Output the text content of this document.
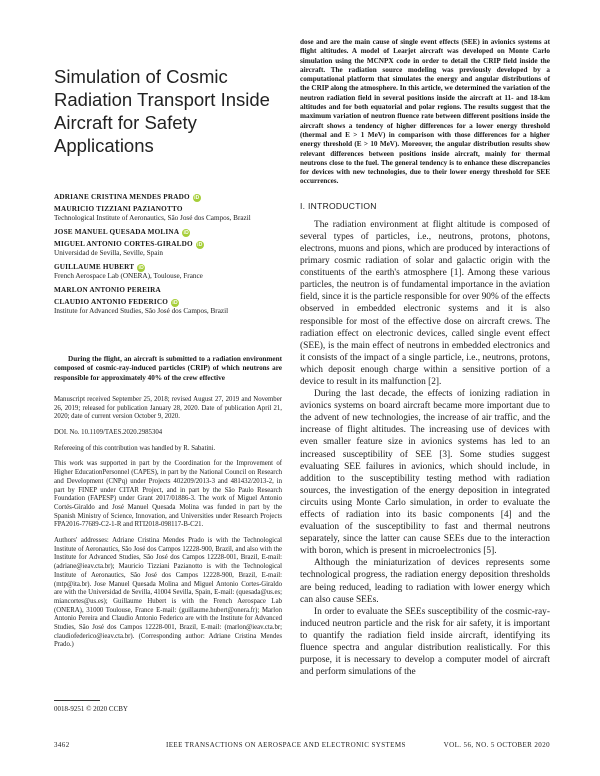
Simulation of Cosmic Radiation Transport Inside Aircraft for Safety Applications
ADRIANE CRISTINA MENDES PRADO iD
MAURICIO TIZZIANI PAZIANOTTO
Technological Institute of Aeronautics, São José dos Campos, Brazil
JOSE MANUEL QUESADA MOLINA iD
MIGUEL ANTONIO CORTES-GIRALDO iD
Universidad de Sevilla, Seville, Spain
GUILLAUME HUBERT iD
French Aerospace Lab (ONERA), Toulouse, France
MARLON ANTONIO PEREIRA
CLAUDIO ANTONIO FEDERICO iD
Institute for Advanced Studies, São José dos Campos, Brazil

During the flight, an aircraft is submitted to a radiation environment composed of cosmic-ray-induced particles (CRIP) of which neutrons are responsible for approximately 40% of the crew effective

Manuscript received September 25, 2018; revised August 27, 2019 and November 26, 2019; released for publication January 28, 2020. Date of publication April 21, 2020; date of current version October 9, 2020.

DOI. No. 10.1109/TAES.2020.2985304

Refereeing of this contribution was handled by R. Sabatini.

This work was supported in part by the Coordination for the Improvement of Higher EducationPersonnel (CAPES), in part by the National Council on Research and Development (CNPq) under Projects 402209/2013-3 and 481432/2013-2, in part by FINEP under CITAR Project, and in part by the São Paulo Research Foundation (FAPESP) under Grant 2017/01886-3. The work of Miguel Antonio Cortés-Giraldo and José Manuel Quesada Molina was funded in part by the Spanish Ministry of Science, Innovation, and Universities under Research Projects FPA2016-77689-C2-1-R and RTI2018-098117-B-C21.

Authors' addresses: Adriane Cristina Mendes Prado is with the Technological Institute of Aeronautics, São José dos Campos 12228-900, Brazil, and also with the Institute for Advanced Studies, São José dos Campos 12228-001, Brazil, E-mail: (adriane@ieav.cta.br); Mauricio Tizziani Pazianotto is with the Technological Institute of Aeronautics, São José dos Campos 12228-900, Brazil, E-mail: (mtp@ita.br). Jose Manuel Quesada Molina and Miguel Antonio Cortes-Giraldo are with the Universidad de Sevilla, 41004 Sevilla, Spain, E-mail: (quesada@us.es; miancortes@us.es); Guillaume Hubert is with the French Aerospace Lab (ONERA), 31000 Toulouse, France E-mail: (guillaume.hubert@onera.fr); Marlon Antonio Pereira and Claudio Antonio Federico are with the Institute for Advanced Studies, São José dos Campos 12228-001, Brazil, E-mail: (marlon@ieav.cta.br; claudiofederico@ieav.cta.br). (Corresponding author: Adriane Cristina Mendes Prado.)

0018-9251 © 2020 CCBY

dose and are the main cause of single event effects (SEE) in avionics systems at flight altitudes. A model of Learjet aircraft was developed on Monte Carlo simulation using the MCNPX code in order to detail the CRIP field inside the aircraft. The radiation source modeling was previously developed by a computational platform that simulates the energy and angular distributions of the CRIP along the atmosphere. In this article, we determined the variation of the neutron radiation field in several positions inside the aircraft at 11- and 18-km altitudes and for both equatorial and polar regions. The results suggest that the maximum variation of neutron fluence rate between different positions inside the aircraft shows a tendency of higher differences for a lower energy threshold (thermal and E > 1 MeV) in comparison with those differences for a higher energy threshold (E > 10 MeV). Moreover, the angular distribution results show relevant differences between positions inside aircraft, mainly for thermal neutrons close to the fuel. The general tendency is to enhance these discrepancies for devices with new technologies, due to their lower energy threshold for SEE occurrences.

I. INTRODUCTION

The radiation environment at flight altitude is composed of several types of particles, i.e., neutrons, protons, photons, electrons, muons and pions, which are produced by interactions of primary cosmic radiation of solar and galactic origin with the constituents of the earth's atmosphere [1]. Among these various particles, the neutron is of fundamental importance in the aviation field, since it is the particle responsible for over 90% of the effects observed in embedded electronic systems and it is also responsible for most of the effective dose on aircraft crews. The radiation effect on electronic devices, called single event effect (SEE), is the main effect of neutrons in embedded electronics and it consists of the impact of a single particle, i.e., neutrons, protons, which deposit enough charge within a sensitive portion of a device to result in its malfunction [2].

During the last decade, the effects of ionizing radiation in avionics systems on board aircraft became more important due to the advent of new technologies, the increase of air traffic, and the increase of flight altitudes. The increasing use of devices with even smaller feature size in avionics systems has led to an increased susceptibility of SEE [3]. Some studies suggest evaluating SEE failures in avionics, which should include, in addition to the susceptibility testing method with radiation sources, the investigation of the energy deposition in integrated circuits using Monte Carlo simulation, in order to evaluate the effects of radiation into its basic components [4] and the evaluation of the susceptibility to fast and thermal neutrons separately, since the latter can cause SEEs due to the interaction with boron, which is present in microelectronics [5].

Although the miniaturization of devices represents some technological progress, the radiation energy deposition thresholds are being reduced, leading to radiation with lower energy which can also cause SEEs.

In order to evaluate the SEEs susceptibility of the cosmic-ray-induced neutron particle and the risk for air safety, it is important to quantify the radiation field inside aircraft, identifying its fluence spectra and angular distribution realistically. For this purpose, it is necessary to develop a computer model of aircraft and perform simulations of the

3462	IEEE TRANSACTIONS ON AEROSPACE AND ELECTRONIC SYSTEMS	VOL. 56, NO. 5 OCTOBER 2020
